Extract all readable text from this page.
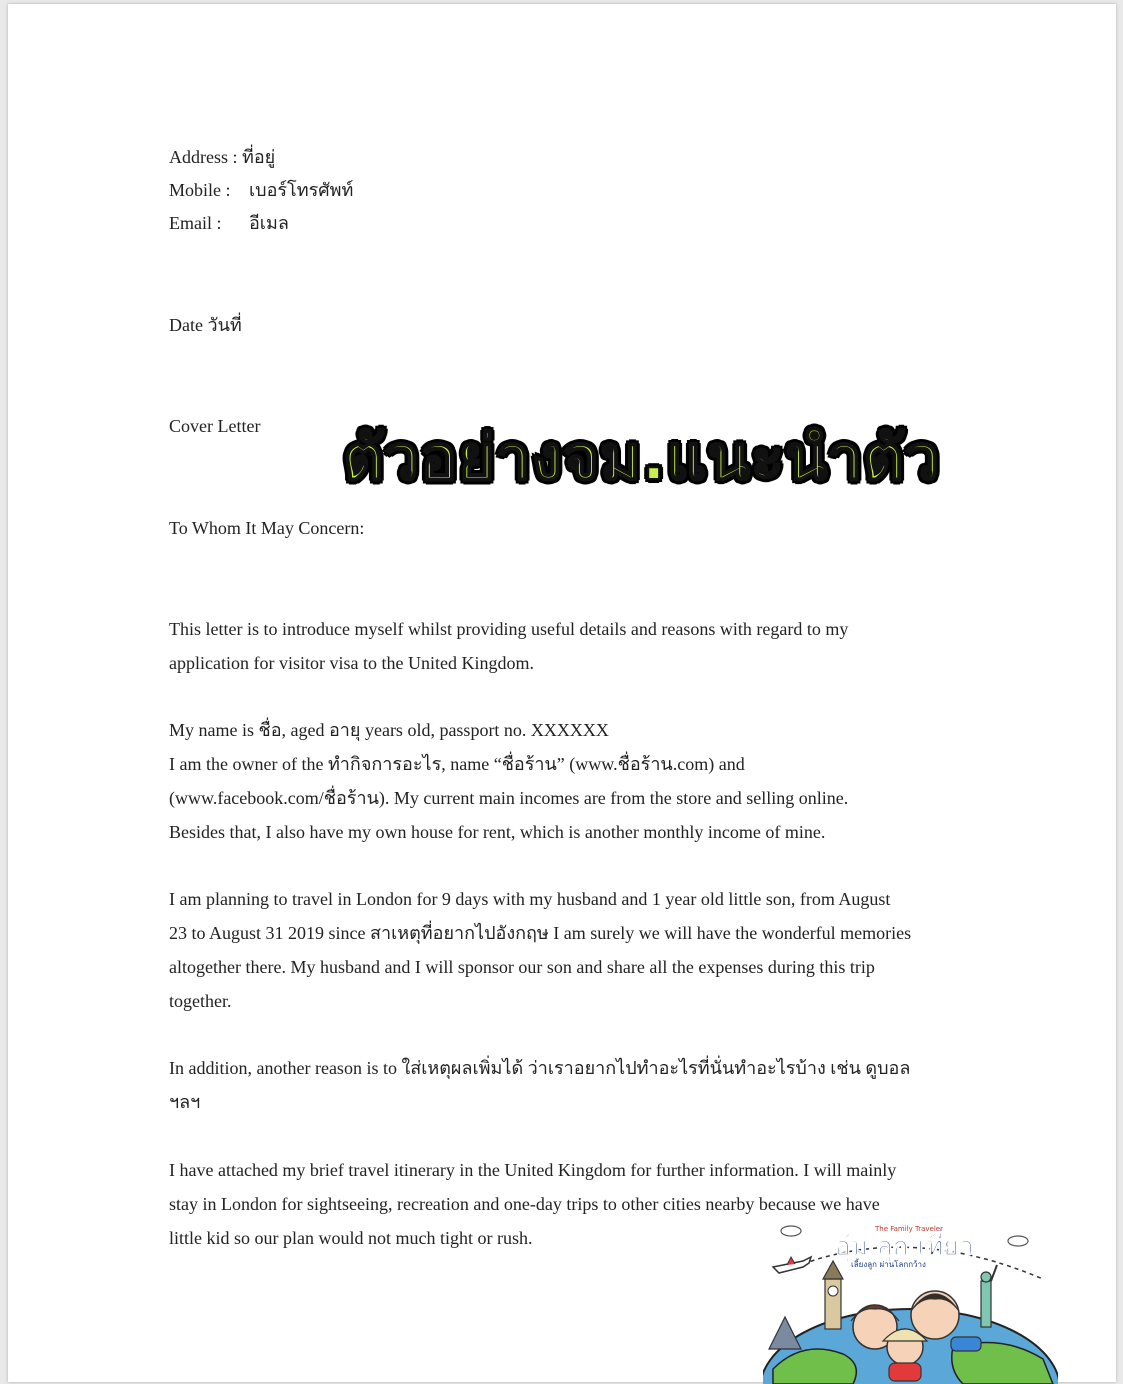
Address : ที่อยู่
Mobile : เบอร์โทรศัพท์
Email : อีเมล
Date วันที่
Cover Letter
To Whom It May Concern:
This letter is to introduce myself whilst providing useful details and reasons with regard to my
application for visitor visa to the United Kingdom.
My name is ชื่อ, aged อายุ years old, passport no. XXXXXX
I am the owner of the ทำกิจการอะไร, name “ชื่อร้าน” (www.ชื่อร้าน.com) and
(www.facebook.com/ชื่อร้าน). My current main incomes are from the store and selling online.
Besides that, I also have my own house for rent, which is another monthly income of mine.
I am planning to travel in London for 9 days with my husband and 1 year old little son, from August
23 to August 31 2019 since สาเหตุที่อยากไปอังกฤษ I am surely we will have the wonderful memories
altogether there. My husband and I will sponsor our son and share all the expenses during this trip
together.
In addition, another reason is to ใส่เหตุผลเพิ่มได้ ว่าเราอยากไปทำอะไรที่นั่นทำอะไรบ้าง เช่น ดูบอล
ฯลฯ
I have attached my brief travel itinerary in the United Kingdom for further information. I will mainly
stay in London for sightseeing, recreation and one-day trips to other cities nearby because we have
little kid so our plan would not much tight or rush.
ตัวอย่างจม.แนะนำตัว
อุ้ม ลูก เที่ยว
The Family Traveler
เลี้ยงลูก ผ่านโลกกว้าง
